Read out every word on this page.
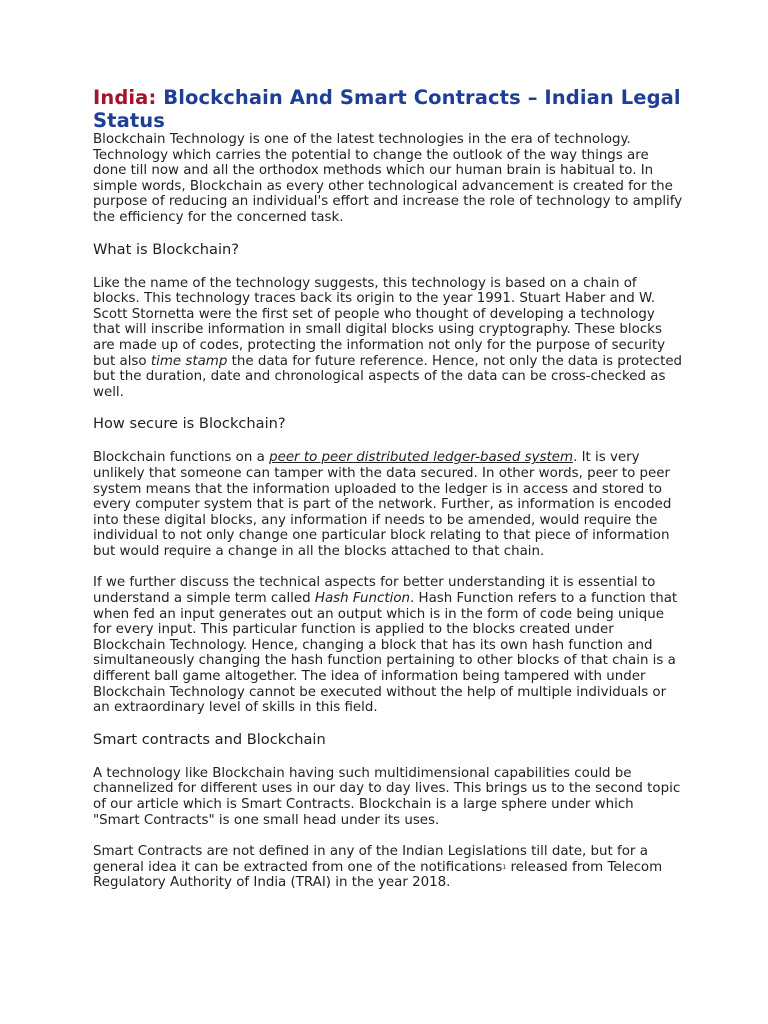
India: Blockchain And Smart Contracts – Indian Legal Status

Blockchain Technology is one of the latest technologies in the era of technology. Technology which carries the potential to change the outlook of the way things are done till now and all the orthodox methods which our human brain is habitual to. In simple words, Blockchain as every other technological advancement is created for the purpose of reducing an individual's effort and increase the role of technology to amplify the efficiency for the concerned task.

What is Blockchain?

Like the name of the technology suggests, this technology is based on a chain of blocks. This technology traces back its origin to the year 1991. Stuart Haber and W. Scott Stornetta were the first set of people who thought of developing a technology that will inscribe information in small digital blocks using cryptography. These blocks are made up of codes, protecting the information not only for the purpose of security but also time stamp the data for future reference. Hence, not only the data is protected but the duration, date and chronological aspects of the data can be cross-checked as well.

How secure is Blockchain?

Blockchain functions on a peer to peer distributed ledger-based system. It is very unlikely that someone can tamper with the data secured. In other words, peer to peer system means that the information uploaded to the ledger is in access and stored to every computer system that is part of the network. Further, as information is encoded into these digital blocks, any information if needs to be amended, would require the individual to not only change one particular block relating to that piece of information but would require a change in all the blocks attached to that chain.

If we further discuss the technical aspects for better understanding it is essential to understand a simple term called Hash Function. Hash Function refers to a function that when fed an input generates out an output which is in the form of code being unique for every input. This particular function is applied to the blocks created under Blockchain Technology. Hence, changing a block that has its own hash function and simultaneously changing the hash function pertaining to other blocks of that chain is a different ball game altogether. The idea of information being tampered with under Blockchain Technology cannot be executed without the help of multiple individuals or an extraordinary level of skills in this field.

Smart contracts and Blockchain

A technology like Blockchain having such multidimensional capabilities could be channelized for different uses in our day to day lives. This brings us to the second topic of our article which is Smart Contracts. Blockchain is a large sphere under which "Smart Contracts" is one small head under its uses.

Smart Contracts are not defined in any of the Indian Legislations till date, but for a general idea it can be extracted from one of the notifications$^1$ released from Telecom Regulatory Authority of India (TRAI) in the year 2018.
